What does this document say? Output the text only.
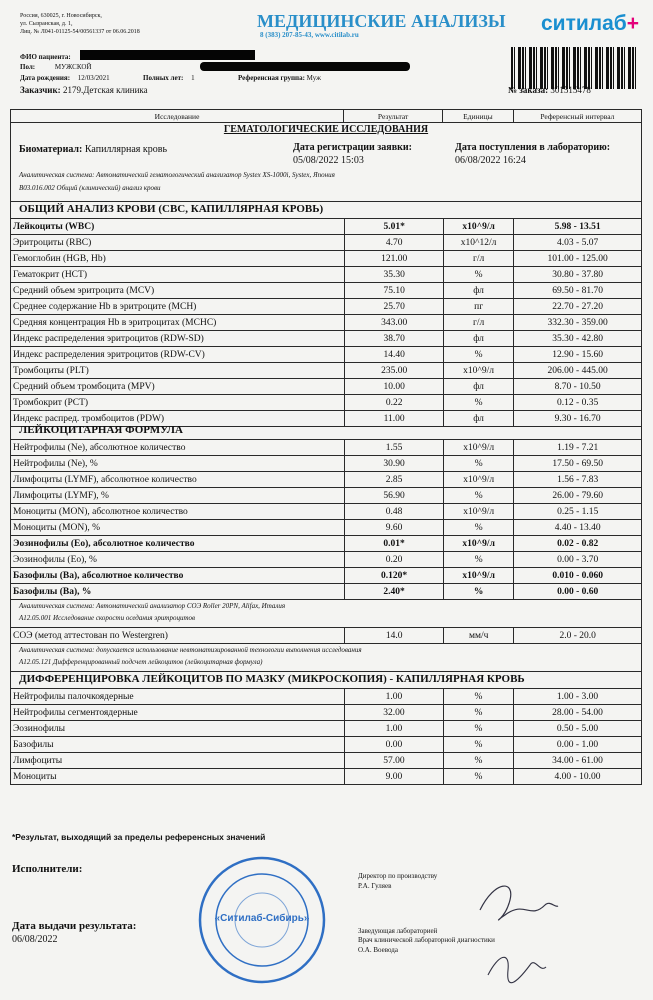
Россия, 630025, г. Новосибирск,
ул. Сызранская, д. 1,
Лиц. № Л041-01125-54/00561337 от 06.06.2018
МЕДИЦИНСКИЕ АНАЛИЗЫ
8 (383) 207-85-43, www.citilab.ru	ситилаб+
ФИО пациента:
Пол:	МУЖСКОЙ
Дата рождения: 12/03/2021	Полных лет: 1	Референсная группа: Муж
Заказчик: 2179.Детская клиника	№ заказа: 301515478
Исследование	Результат	Единицы	Референсный интервал
ГЕМАТОЛОГИЧЕСКИЕ ИССЛЕДОВАНИЯ
Биоматериал: Капиллярная кровь	Дата регистрации заявки:
05/08/2022 15:03
Дата поступления в лабораторию:
06/08/2022 16:24
Аналитическая система: Автоматический гематологический анализатор Systex XS-1000i, Systex, Япония
В03.016.002 Общий (клинический) анализ крови
ОБЩИЙ АНАЛИЗ КРОВИ (CBC, КАПИЛЛЯРНАЯ КРОВЬ)
Лейкоциты (WBC)	5.01*	х10^9/л	5.98 - 13.51
Эритроциты (RBC)	4.70	х10^12/л	4.03 - 5.07
Гемоглобин (HGB, Hb)	121.00	г/л	101.00 - 125.00
Гематокрит (HCT)	35.30	%	30.80 - 37.80
Средний объем эритроцита (MCV)	75.10	фл	69.50 - 81.70
Среднее содержание Hb в эритроците (MCH)	25.70	пг	22.70 - 27.20
Средняя концентрация Hb в эритроцитах (MCHC)	343.00	г/л	332.30 - 359.00
Индекс распределения эритроцитов (RDW-SD)	38.70	фл	35.30 - 42.80
Индекс распределения эритроцитов (RDW-CV)	14.40	%	12.90 - 15.60
Тромбоциты (PLT)	235.00	х10^9/л	206.00 - 445.00
Средний объем тромбоцита (MPV)	10.00	фл	8.70 - 10.50
Тромбокрит (PCT)	0.22	%	0.12 - 0.35
Индекс распред. тромбоцитов (PDW)	11.00	фл	9.30 - 16.70
ЛЕЙКОЦИТАРНАЯ ФОРМУЛА
Нейтрофилы (Ne), абсолютное количество	1.55	х10^9/л	1.19 - 7.21
Нейтрофилы (Ne), %	30.90	%	17.50 - 69.50
Лимфоциты (LYMF), абсолютное количество	2.85	х10^9/л	1.56 - 7.83
Лимфоциты (LYMF), %	56.90	%	26.00 - 79.60
Моноциты (MON), абсолютное количество	0.48	х10^9/л	0.25 - 1.15
Моноциты (MON), %	9.60	%	4.40 - 13.40
Эозинофилы (Eo), абсолютное количество	0.01*	х10^9/л	0.02 - 0.82
Эозинофилы (Eo), %	0.20	%	0.00 - 3.70
Базофилы (Ba), абсолютное количество	0.120*	х10^9/л	0.010 - 0.060
Базофилы (Ba), %	2.40*	%	0.00 - 0.60
Аналитическая система: Автоматический анализатор СОЭ Roller 20PN, Alifax, Италия
А12.05.001 Исследование скорости оседания эритроцитов
СОЭ (метод аттестован по Westergren)	14.0	мм/ч	2.0 - 20.0
Аналитическая система: допускается использование невтоматизированной технологии выполнения исследования
А12.05.121 Дифференцированный подсчет лейкоцитов (лейкоцитарная формула)
ДИФФЕРЕНЦИРОВКА ЛЕЙКОЦИТОВ ПО МАЗКУ (МИКРОСКОПИЯ) - КАПИЛЛЯРНАЯ КРОВЬ
Нейтрофилы палочкоядерные	1.00	%	1.00 - 3.00
Нейтрофилы сегментоядерные	32.00	%	28.00 - 54.00
Эозинофилы	1.00	%	0.50 - 5.00
Базофилы	0.00	%	0.00 - 1.00
Лимфоциты	57.00	%	34.00 - 61.00
Моноциты	9.00	%	4.00 - 10.00
*Результат, выходящий за пределы референсных значений
Исполнители:
Дата выдачи результата:
06/08/2022
«Ситилаб-Сибирь»
Директор по производству
Р.А. Гуляев
Заведующая лабораторией
Врач клинической лабораторной диагностики
О.А. Воевода
